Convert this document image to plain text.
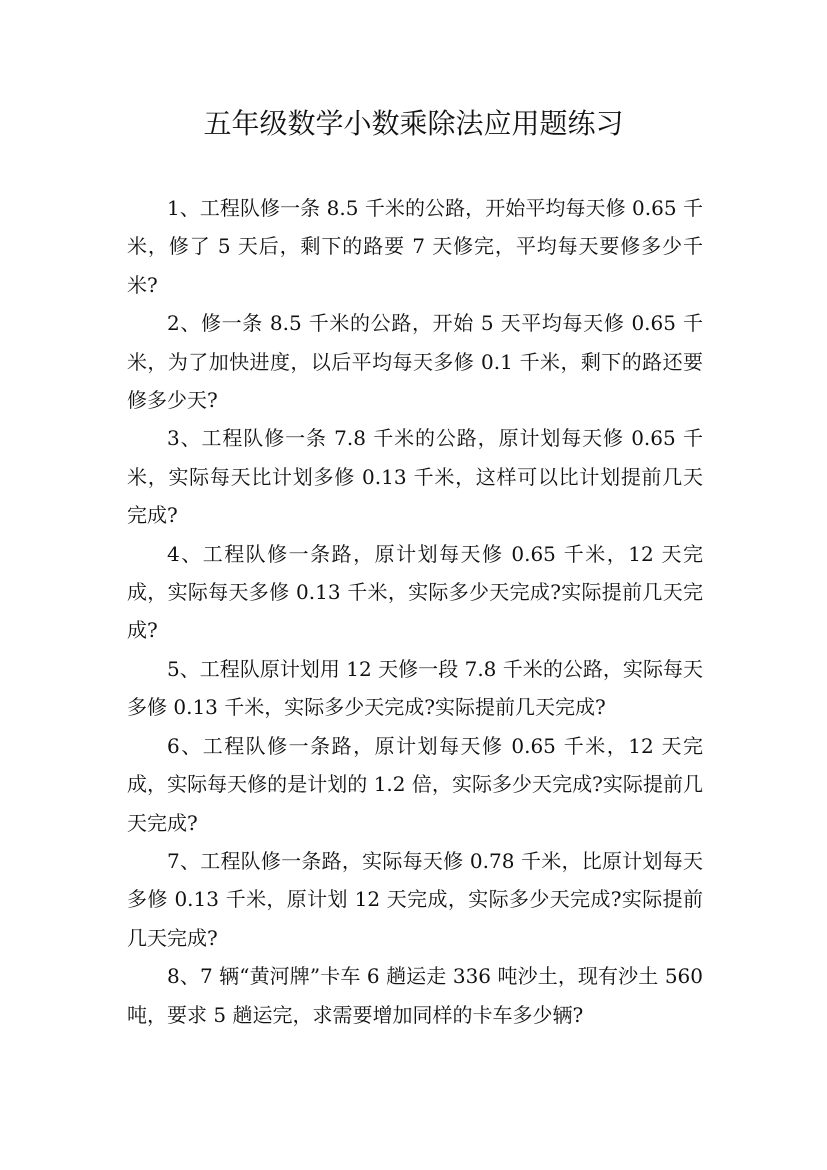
五年级数学小数乘除法应用题练习

1、工程队修一条 8.5 千米的公路，开始平均每天修 0.65 千米，修了 5 天后，剩下的路要 7 天修完，平均每天要修多少千米?

2、修一条 8.5 千米的公路，开始 5 天平均每天修 0.65 千米，为了加快进度，以后平均每天多修 0.1 千米，剩下的路还要修多少天?

3、工程队修一条 7.8 千米的公路，原计划每天修 0.65 千米，实际每天比计划多修 0.13 千米，这样可以比计划提前几天完成?

4、工程队修一条路，原计划每天修 0.65 千米，12 天完成，实际每天多修 0.13 千米，实际多少天完成?实际提前几天完成?

5、工程队原计划用 12 天修一段 7.8 千米的公路，实际每天多修 0.13 千米，实际多少天完成?实际提前几天完成?

6、工程队修一条路，原计划每天修 0.65 千米，12 天完成，实际每天修的是计划的 1.2 倍，实际多少天完成?实际提前几天完成?

7、工程队修一条路，实际每天修 0.78 千米，比原计划每天多修 0.13 千米，原计划 12 天完成，实际多少天完成?实际提前几天完成?

8、7 辆“黄河牌”卡车 6 趟运走 336 吨沙土，现有沙土 560 吨，要求 5 趟运完，求需要增加同样的卡车多少辆?
